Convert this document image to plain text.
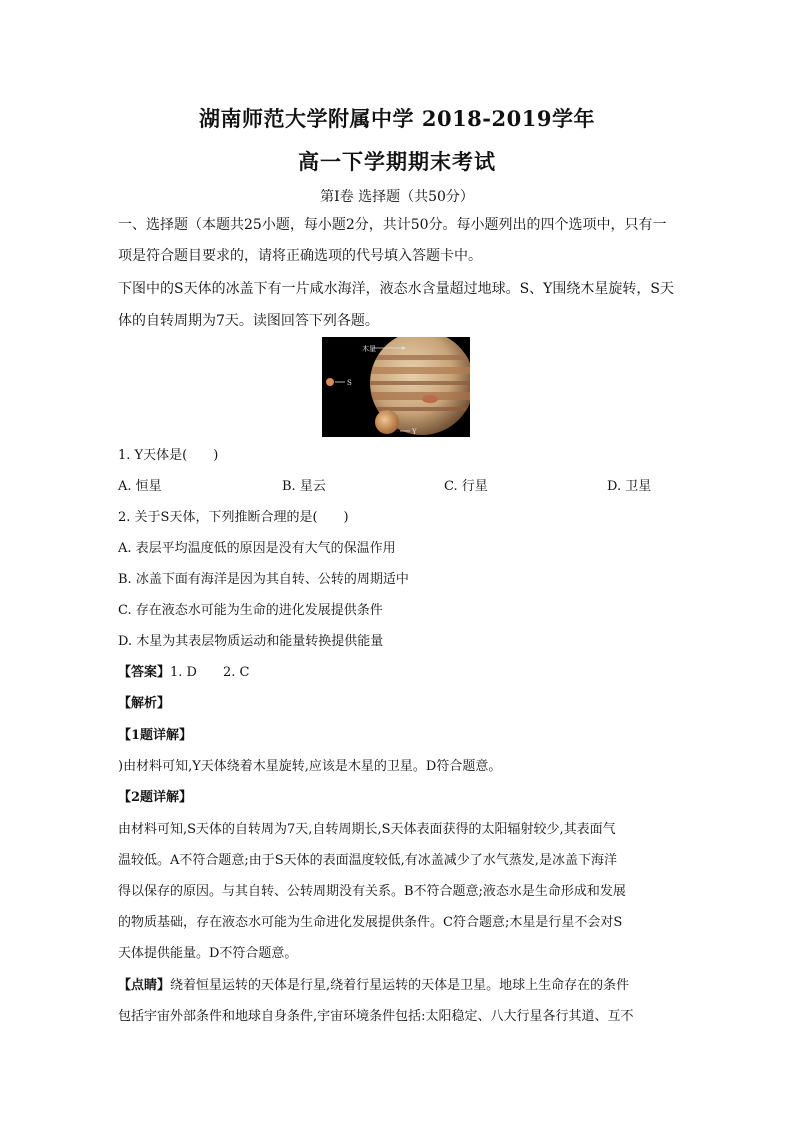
湖南师范大学附属中学 2018-2019学年
高一下学期期末考试
第Ⅰ卷 选择题（共50分）
一、选择题（本题共25小题，每小题2分，共计50分。每小题列出的四个选项中，只有一
项是符合题目要求的，请将正确选项的代号填入答题卡中。
下图中的S天体的冰盖下有一片咸水海洋，液态水含量超过地球。S、Y围绕木星旋转，S天
体的自转周期为7天。读图回答下列各题。
木星
S
Y
1. Y天体是(　　)
A. 恒星	B. 星云	C. 行星	D. 卫星
2. 关于S天体，下列推断合理的是(　　)
A. 表层平均温度低的原因是没有大气的保温作用
B. 冰盖下面有海洋是因为其自转、公转的周期适中
C. 存在液态水可能为生命的进化发展提供条件
D. 木星为其表层物质运动和能量转换提供能量
【答案】1. D　　2. C
【解析】
【1题详解】
)由材料可知,Y天体绕着木星旋转,应该是木星的卫星。D符合题意。
【2题详解】
由材料可知,S天体的自转周为7天,自转周期长,S天体表面获得的太阳辐射较少,其表面气
温较低。A不符合题意;由于S天体的表面温度较低,有冰盖减少了水气蒸发,是冰盖下海洋
得以保存的原因。与其自转、公转周期没有关系。B不符合题意;液态水是生命形成和发展
的物质基础，存在液态水可能为生命进化发展提供条件。C符合题意;木星是行星不会对S
天体提供能量。D不符合题意。
【点睛】绕着恒星运转的天体是行星,绕着行星运转的天体是卫星。地球上生命存在的条件
包括宇宙外部条件和地球自身条件,宇宙环境条件包括:太阳稳定、八大行星各行其道、互不
